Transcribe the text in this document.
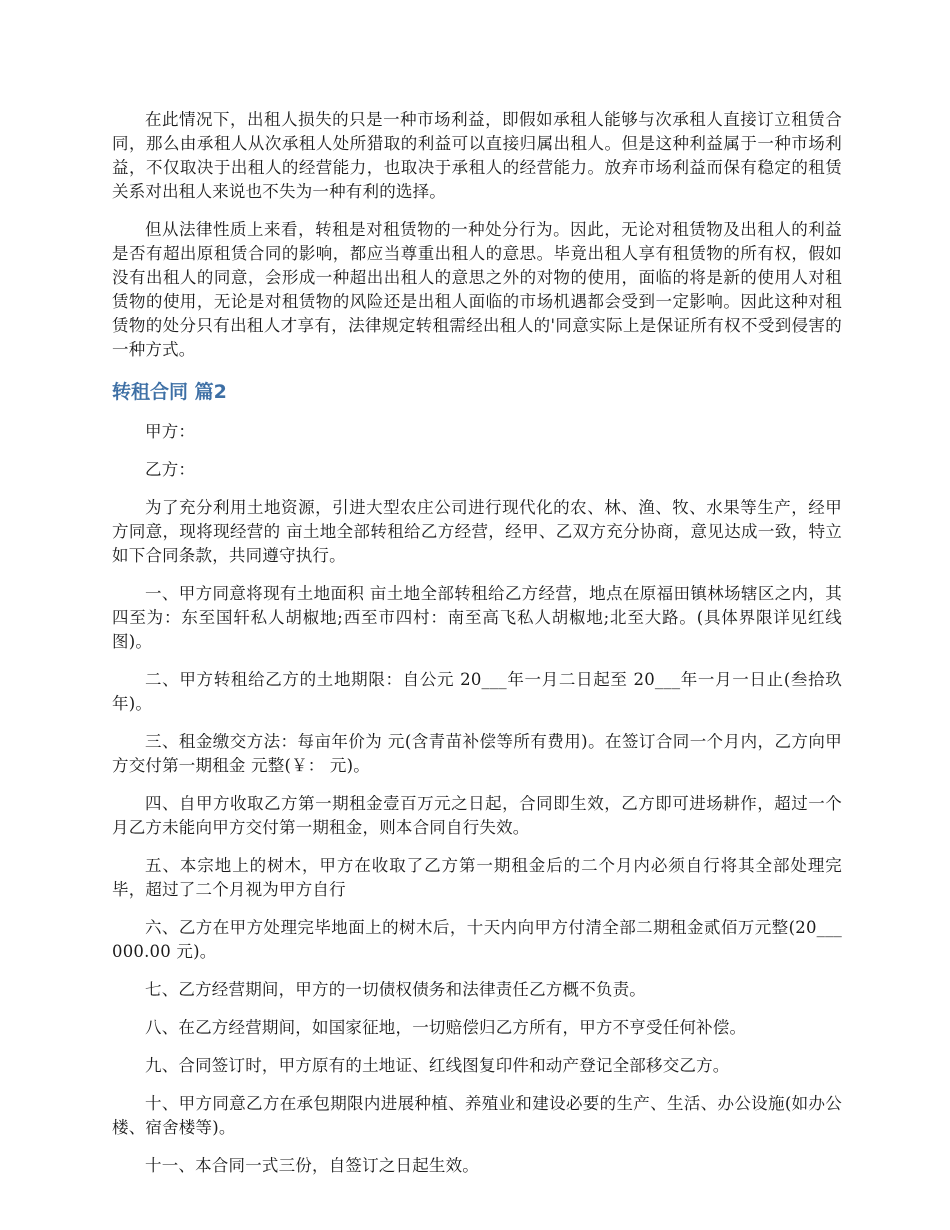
在此情况下，出租人损失的只是一种市场利益，即假如承租人能够与次承租人直接订立租赁合同，那么由承租人从次承租人处所猎取的利益可以直接归属出租人。但是这种利益属于一种市场利益，不仅取决于出租人的经营能力，也取决于承租人的经营能力。放弃市场利益而保有稳定的租赁关系对出租人来说也不失为一种有利的选择。

但从法律性质上来看，转租是对租赁物的一种处分行为。因此，无论对租赁物及出租人的利益是否有超出原租赁合同的影响，都应当尊重出租人的意思。毕竟出租人享有租赁物的所有权，假如没有出租人的同意，会形成一种超出出租人的意思之外的对物的使用，面临的将是新的使用人对租赁物的使用，无论是对租赁物的风险还是出租人面临的市场机遇都会受到一定影响。因此这种对租赁物的处分只有出租人才享有，法律规定转租需经出租人的'同意实际上是保证所有权不受到侵害的一种方式。

转租合同 篇2

甲方：

乙方：

为了充分利用土地资源，引进大型农庄公司进行现代化的农、林、渔、牧、水果等生产，经甲方同意，现将现经营的 亩土地全部转租给乙方经营，经甲、乙双方充分协商，意见达成一致，特立如下合同条款，共同遵守执行。

一、甲方同意将现有土地面积 亩土地全部转租给乙方经营，地点在原福田镇林场辖区之内，其四至为：东至国轩私人胡椒地;西至市四村：南至高飞私人胡椒地;北至大路。(具体界限详见红线图)。

二、甲方转租给乙方的土地期限：自公元 20___年一月二日起至 20___年一月一日止(叁拾玖年)。

三、租金缴交方法：每亩年价为 元(含青苗补偿等所有费用)。在签订合同一个月内，乙方向甲方交付第一期租金 元整(￥： 元)。

四、自甲方收取乙方第一期租金壹百万元之日起，合同即生效，乙方即可进场耕作，超过一个月乙方未能向甲方交付第一期租金，则本合同自行失效。

五、本宗地上的树木，甲方在收取了乙方第一期租金后的二个月内必须自行将其全部处理完毕，超过了二个月视为甲方自行

六、乙方在甲方处理完毕地面上的树木后，十天内向甲方付清全部二期租金贰佰万元整(20___000.00 元)。

七、乙方经营期间，甲方的一切债权债务和法律责任乙方概不负责。

八、在乙方经营期间，如国家征地，一切赔偿归乙方所有，甲方不亨受任何补偿。

九、合同签订时，甲方原有的土地证、红线图复印件和动产登记全部移交乙方。

十、甲方同意乙方在承包期限内进展种植、养殖业和建设必要的生产、生活、办公设施(如办公楼、宿舍楼等)。

十一、本合同一式三份，自签订之日起生效。
